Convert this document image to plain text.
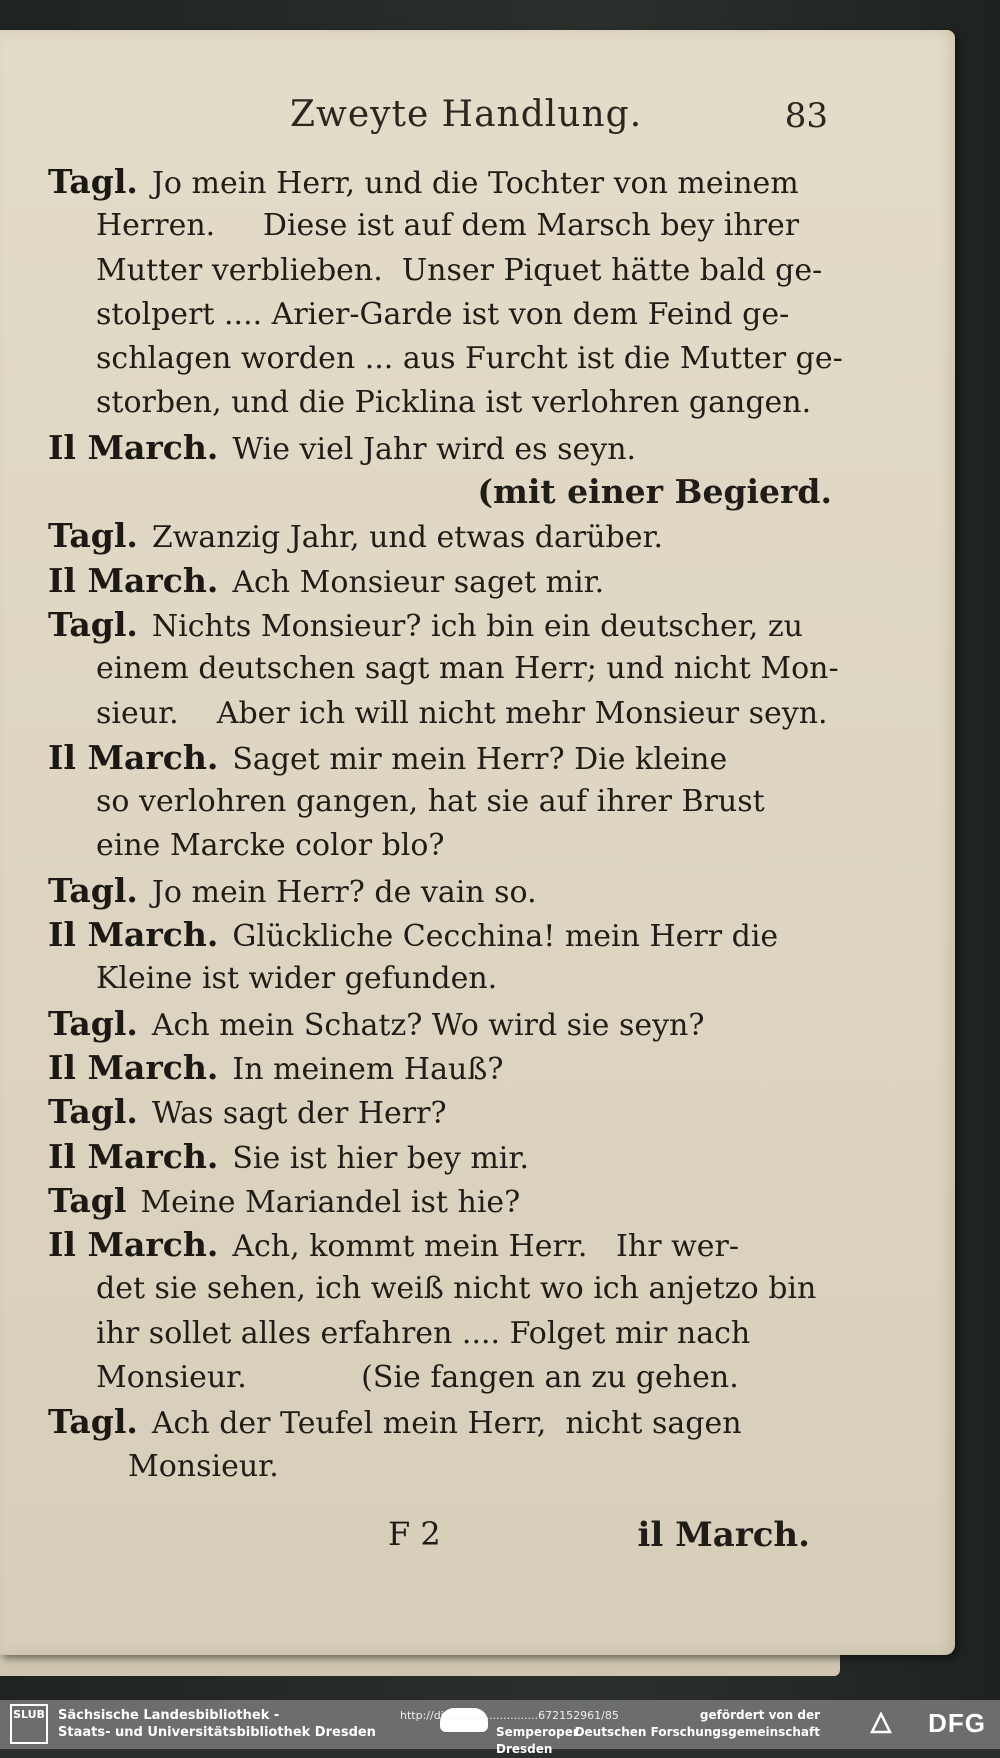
Zweyte Handlung.	83
Tagl. Jo mein Herr, und die Tochter von meinem
Herren.     Diese ist auf dem Marsch bey ihrer
Mutter verblieben.  Unser Piquet hätte bald ge-
stolpert .... Arier-Garde ist von dem Feind ge-
schlagen worden ... aus Furcht ist die Mutter ge-
storben, und die Picklina ist verlohren gangen.
Il March. Wie viel Jahr wird es seyn.
(mit einer Begierd.
Tagl. Zwanzig Jahr, und etwas darüber.
Il March. Ach Monsieur saget mir.
Tagl. Nichts Monsieur? ich bin ein deutscher, zu
einem deutschen sagt man Herr; und nicht Mon-
sieur.    Aber ich will nicht mehr Monsieur seyn.
Il March. Saget mir mein Herr? Die kleine
so verlohren gangen, hat sie auf ihrer Brust
eine Marcke color blo?
Tagl. Jo mein Herr? de vain so.
Il March. Glückliche Cecchina! mein Herr die
Kleine ist wider gefunden.
Tagl. Ach mein Schatz? Wo wird sie seyn?
Il March. In meinem Hauß?
Tagl. Was sagt der Herr?
Il March. Sie ist hier bey mir.
Tagl Meine Mariandel ist hie?
Il March. Ach, kommt mein Herr.   Ihr wer-
det sie sehen, ich weiß nicht wo ich anjetzo bin
ihr sollet alles erfahren .... Folget mir nach
Monsieur.            (Sie fangen an zu gehen.
Tagl. Ach der Teufel mein Herr,  nicht sagen
Monsieur.
F 2	il March.
SLUB Sächsische Landesbibliothek -
Staats- und Universitätsbibliothek Dresden
http://di...........................672152961/85
Semperoper
Dresden
gefördert von der
Deutschen Forschungsgemeinschaft	DFG
